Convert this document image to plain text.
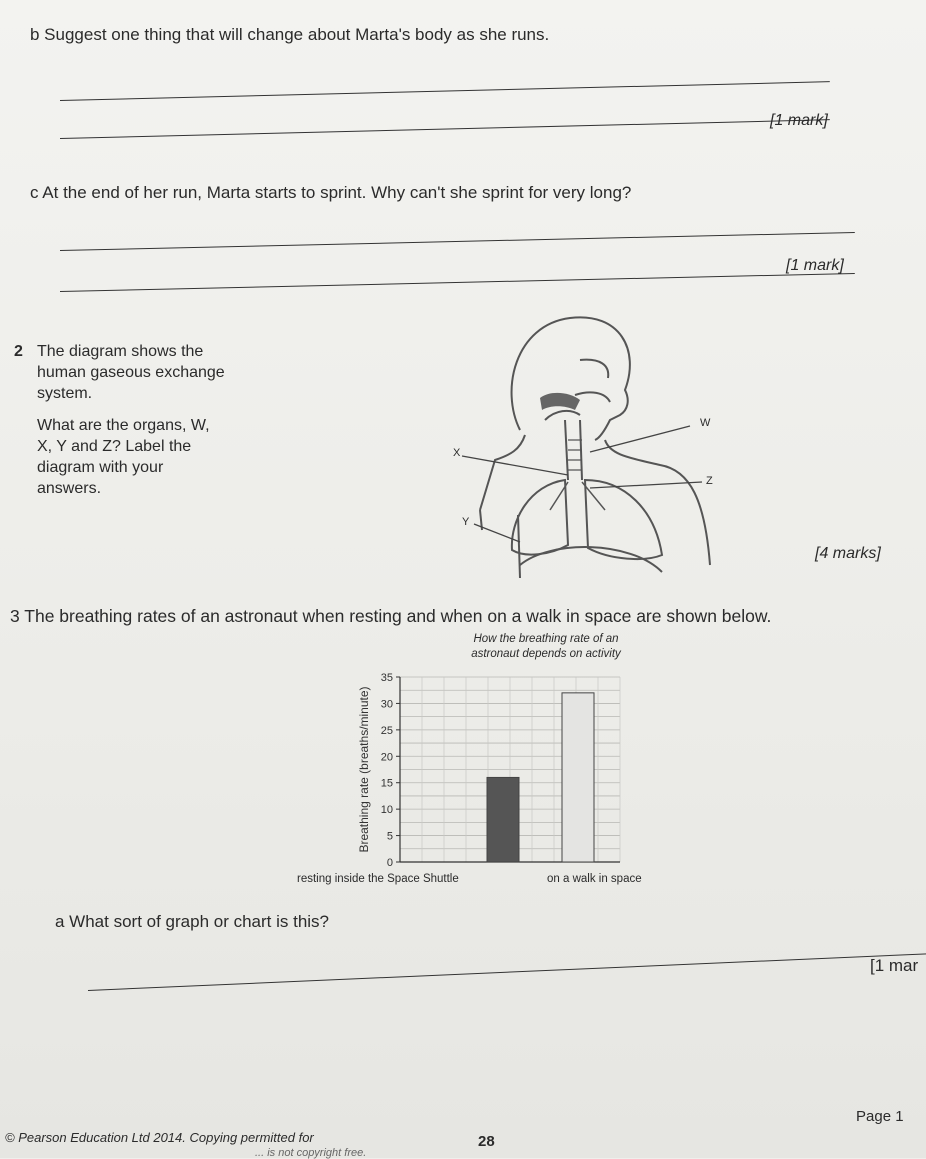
b Suggest one thing that will change about Marta's body as she runs.
[1 mark]
c At the end of her run, Marta starts to sprint. Why can't she sprint for very long?
[1 mark]
2 The diagram shows the
human gaseous exchange
system.
What are the organs, W,
X, Y and Z? Label the
diagram with your
answers.
X
W
Y
Z
[4 marks]
3 The breathing rates of an astronaut when resting and when on a walk in space are shown below.
How the breathing rate of an
astronaut depends on activity
0
5
10
15
20
25
30
35
Breathing rate (breaths/minute)
resting inside the Space Shuttle	on a walk in space
a What sort of graph or chart is this?
[1 mar
© Pearson Education Ltd 2014. Copying permitted for
... is not copyright free.
28
Page 1
